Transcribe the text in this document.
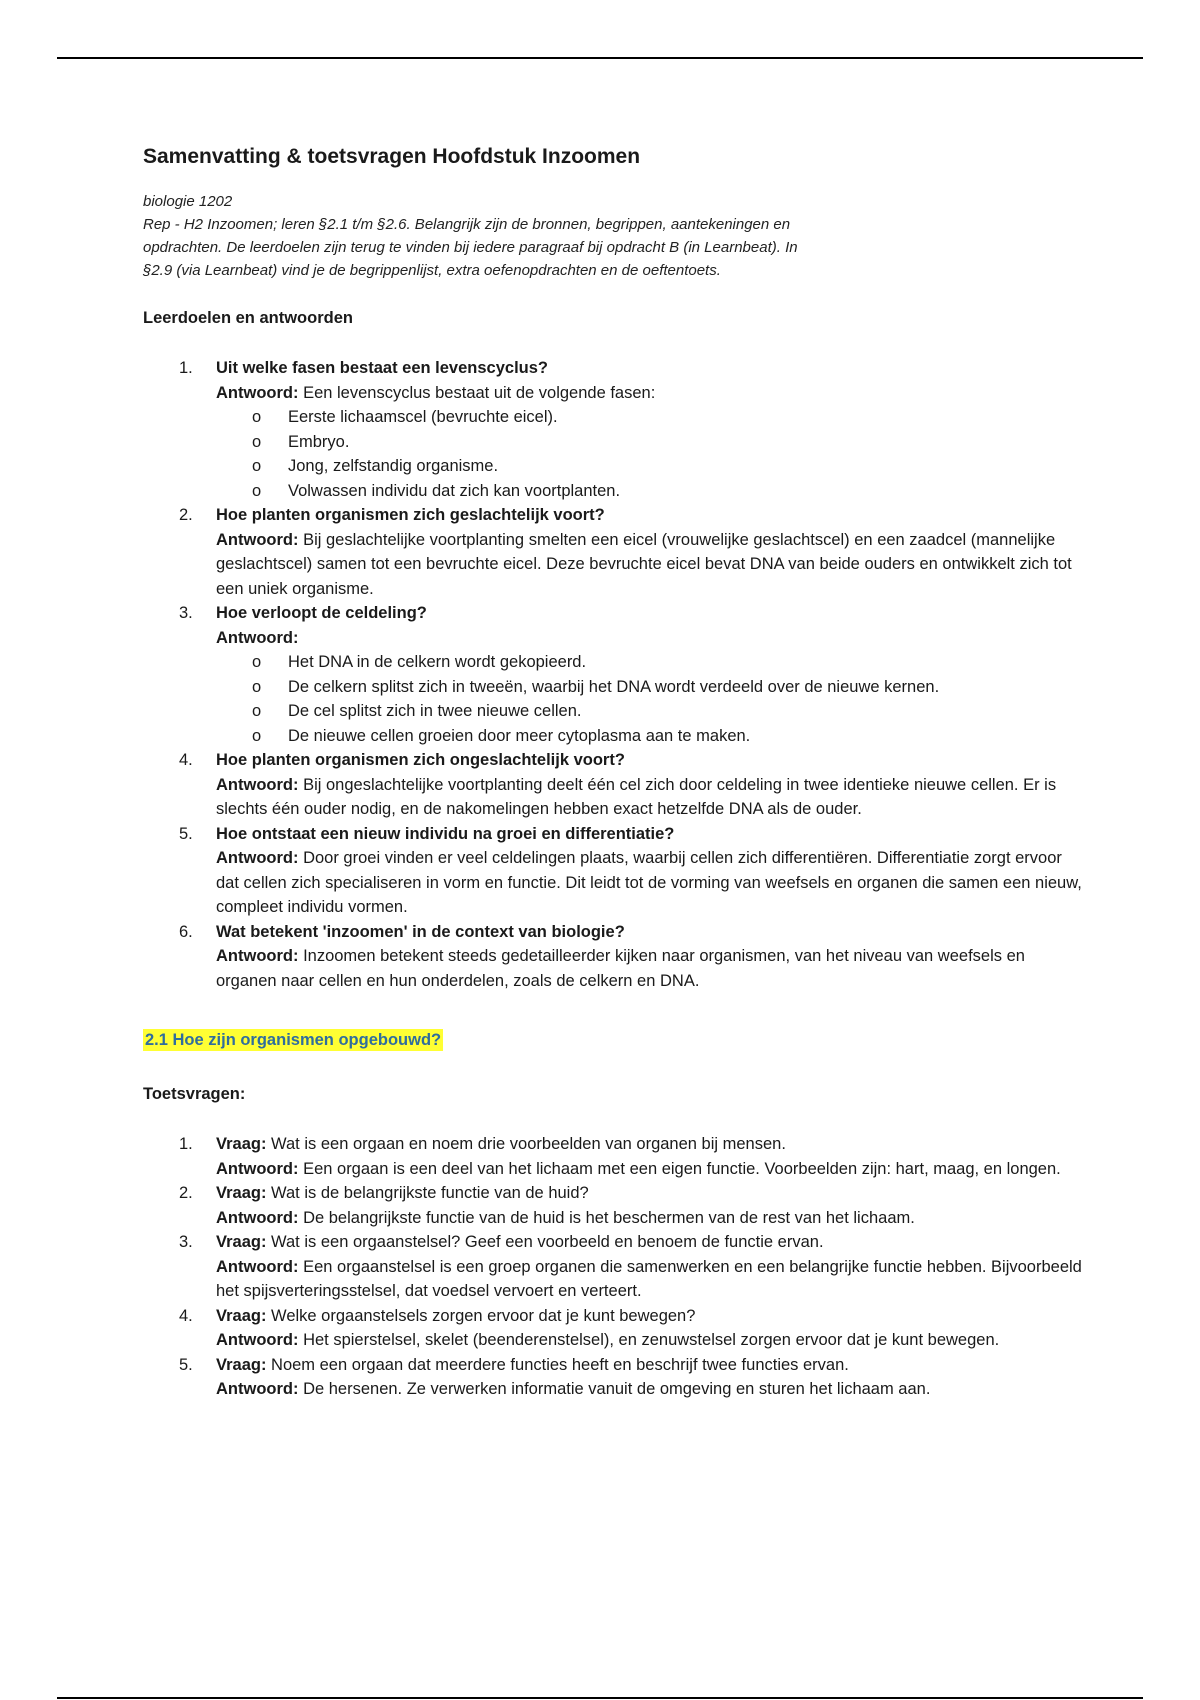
Samenvatting & toetsvragen Hoofdstuk Inzoomen

biologie 1202
Rep - H2 Inzoomen; leren §2.1 t/m §2.6. Belangrijk zijn de bronnen, begrippen, aantekeningen en
opdrachten. De leerdoelen zijn terug te vinden bij iedere paragraaf bij opdracht B (in Learnbeat). In
§2.9 (via Learnbeat) vind je de begrippenlijst, extra oefenopdrachten en de oeftentoets.

Leerdoelen en antwoorden
1. Uit welke fasen bestaat een levenscyclus?
Antwoord: Een levenscyclus bestaat uit de volgende fasen:
o Eerste lichaamscel (bevruchte eicel).
o Embryo.
o Jong, zelfstandig organisme.
o Volwassen individu dat zich kan voortplanten.
2. Hoe planten organismen zich geslachtelijk voort?
Antwoord: Bij geslachtelijke voortplanting smelten een eicel (vrouwelijke geslachtscel) en een zaadcel (mannelijke geslachtscel) samen tot een bevruchte eicel. Deze bevruchte eicel bevat DNA van beide ouders en ontwikkelt zich tot een uniek organisme.
3. Hoe verloopt de celdeling?
Antwoord:
o Het DNA in de celkern wordt gekopieerd.
o De celkern splitst zich in tweeën, waarbij het DNA wordt verdeeld over de nieuwe kernen.
o De cel splitst zich in twee nieuwe cellen.
o De nieuwe cellen groeien door meer cytoplasma aan te maken.
4. Hoe planten organismen zich ongeslachtelijk voort?
Antwoord: Bij ongeslachtelijke voortplanting deelt één cel zich door celdeling in twee identieke nieuwe cellen. Er is slechts één ouder nodig, en de nakomelingen hebben exact hetzelfde DNA als de ouder.
5. Hoe ontstaat een nieuw individu na groei en differentiatie?
Antwoord: Door groei vinden er veel celdelingen plaats, waarbij cellen zich differentiëren. Differentiatie zorgt ervoor dat cellen zich specialiseren in vorm en functie. Dit leidt tot de vorming van weefsels en organen die samen een nieuw, compleet individu vormen.
6. Wat betekent 'inzoomen' in de context van biologie?
Antwoord: Inzoomen betekent steeds gedetailleerder kijken naar organismen, van het niveau van weefsels en organen naar cellen en hun onderdelen, zoals de celkern en DNA.
2.1 Hoe zijn organismen opgebouwd?
Toetsvragen:
1. Vraag: Wat is een orgaan en noem drie voorbeelden van organen bij mensen.
Antwoord: Een orgaan is een deel van het lichaam met een eigen functie. Voorbeelden zijn: hart, maag, en longen.
2. Vraag: Wat is de belangrijkste functie van de huid?
Antwoord: De belangrijkste functie van de huid is het beschermen van de rest van het lichaam.
3. Vraag: Wat is een orgaanstelsel? Geef een voorbeeld en benoem de functie ervan.
Antwoord: Een orgaanstelsel is een groep organen die samenwerken en een belangrijke functie hebben. Bijvoorbeeld het spijsverteringsstelsel, dat voedsel vervoert en verteert.
4. Vraag: Welke orgaanstelsels zorgen ervoor dat je kunt bewegen?
Antwoord: Het spierstelsel, skelet (beenderenstelsel), en zenuwstelsel zorgen ervoor dat je kunt bewegen.
5. Vraag: Noem een orgaan dat meerdere functies heeft en beschrijf twee functies ervan.
Antwoord: De hersenen. Ze verwerken informatie vanuit de omgeving en sturen het lichaam aan.
